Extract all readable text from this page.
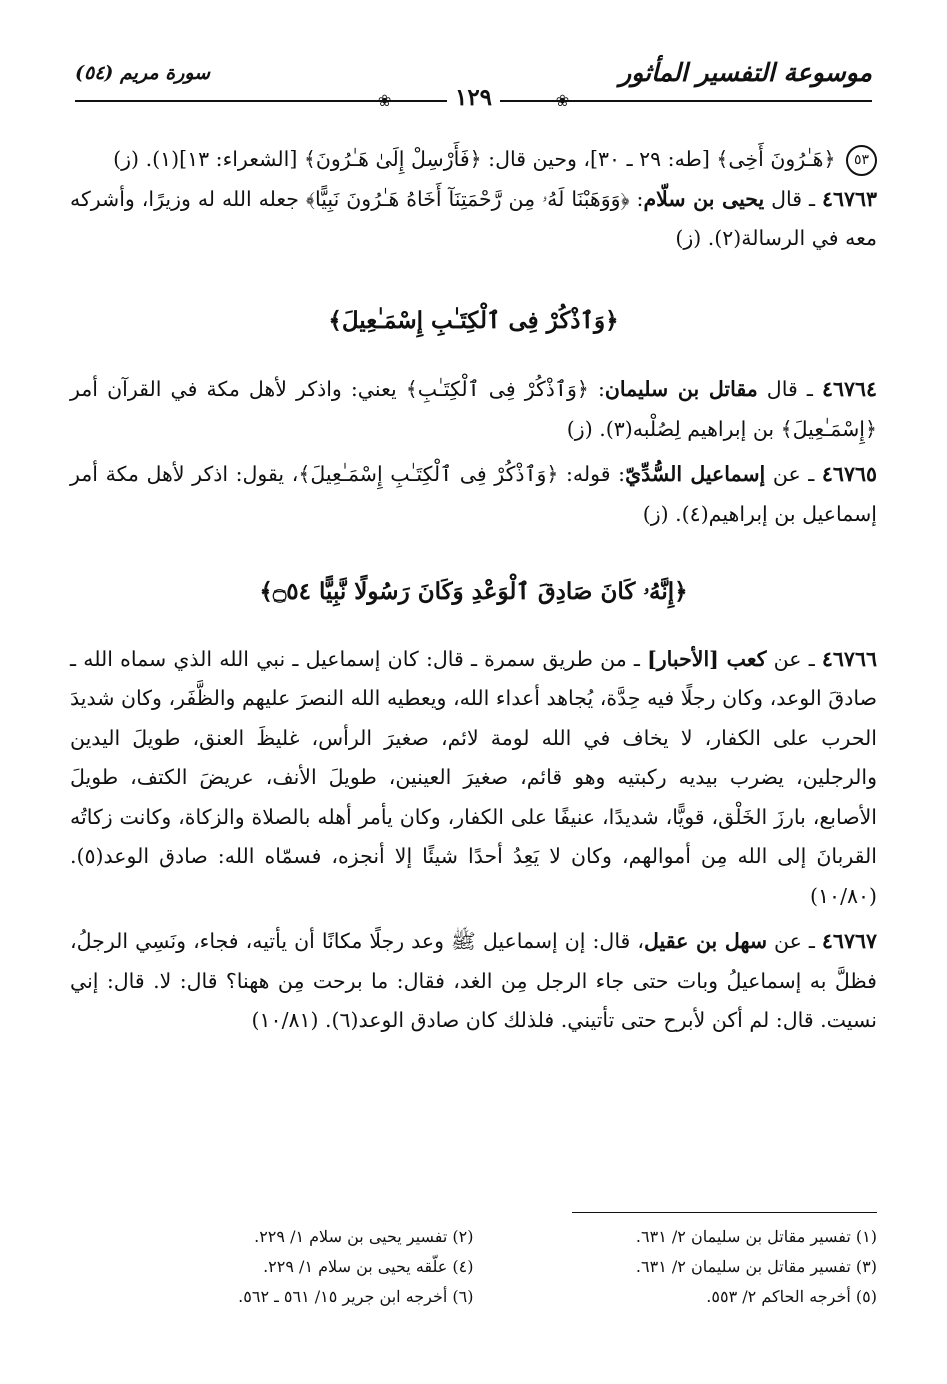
موسوعة التفسير المأثور
❀
١٢٩
❀
سورة مريم (٥٤)

٥٣ ﴿هَـٰرُونَ أَخِى﴾ [طه: ٢٩ ـ ٣٠]، وحين قال: ﴿فَأَرْسِلْ إِلَىٰ هَـٰرُونَ﴾ [الشعراء: ١٣](١). (ز)

٤٦٧٦٣ ـ قال يحيى بن سلّام: ﴿وَوَهَبْنَا لَهُۥ مِن رَّحْمَتِنَآ أَخَاهُ هَـٰرُونَ نَبِيًّا﴾ جعله الله له وزيرًا، وأشركه معه في الرسالة(٢). (ز)

﴿وَٱذْكُرْ فِى ٱلْكِتَـٰبِ إِسْمَـٰعِيلَ﴾

٤٦٧٦٤ ـ قال مقاتل بن سليمان: ﴿وَٱذْكُرْ فِى ٱلْكِتَـٰبِ﴾ يعني: واذكر لأهل مكة في القرآن أمر ﴿إِسْمَـٰعِيلَ﴾ بن إبراهيم لِصُلْبه(٣). (ز)

٤٦٧٦٥ ـ عن إسماعيل السُّدِّيّ: قوله: ﴿وَٱذْكُرْ فِى ٱلْكِتَـٰبِ إِسْمَـٰعِيلَ﴾، يقول: اذكر لأهل مكة أمر إسماعيل بن إبراهيم(٤). (ز)

﴿إِنَّهُۥ كَانَ صَادِقَ ٱلْوَعْدِ وَكَانَ رَسُولًا نَّبِيًّا ۝٥٤﴾

٤٦٧٦٦ ـ عن كعب [الأحبار] ـ من طريق سمرة ـ قال: كان إسماعيل ـ نبي الله الذي سماه الله ـ صادقَ الوعد، وكان رجلًا فيه حِدَّة، يُجاهد أعداء الله، ويعطيه الله النصرَ عليهم والظَّفَر، وكان شديدَ الحرب على الكفار، لا يخاف في الله لومة لائم، صغيرَ الرأس، غليظَ العنق، طويلَ اليدين والرجلين، يضرب بيديه ركبتيه وهو قائم، صغيرَ العينين، طويلَ الأنف، عريضَ الكتف، طويلَ الأصابع، بارزَ الخَلْق، قويًّا، شديدًا، عنيفًا على الكفار، وكان يأمر أهله بالصلاة والزكاة، وكانت زكاتُه القربانَ إلى الله مِن أموالهم، وكان لا يَعِدُ أحدًا شيئًا إلا أنجزه، فسمّاه الله: صادق الوعد(٥). (١٠/٨٠)

٤٦٧٦٧ ـ عن سهل بن عقيل، قال: إن إسماعيل ﷺ وعد رجلًا مكانًا أن يأتيه، فجاء، ونَسِي الرجلُ، فظلَّ به إسماعيلُ وبات حتى جاء الرجل مِن الغد، فقال: ما برحت مِن ههنا؟ قال: لا. قال: إني نسيت. قال: لم أكن لأبرح حتى تأتيني. فلذلك كان صادق الوعد(٦). (١٠/٨١)

(١) تفسير مقاتل بن سليمان ٢/ ٦٣١.
(٢) تفسير يحيى بن سلام ١/ ٢٢٩.
(٣) تفسير مقاتل بن سليمان ٢/ ٦٣١.
(٤) علّقه يحيى بن سلام ١/ ٢٢٩.
(٥) أخرجه الحاكم ٢/ ٥٥٣.
(٦) أخرجه ابن جرير ١٥/ ٥٦١ ـ ٥٦٢.
